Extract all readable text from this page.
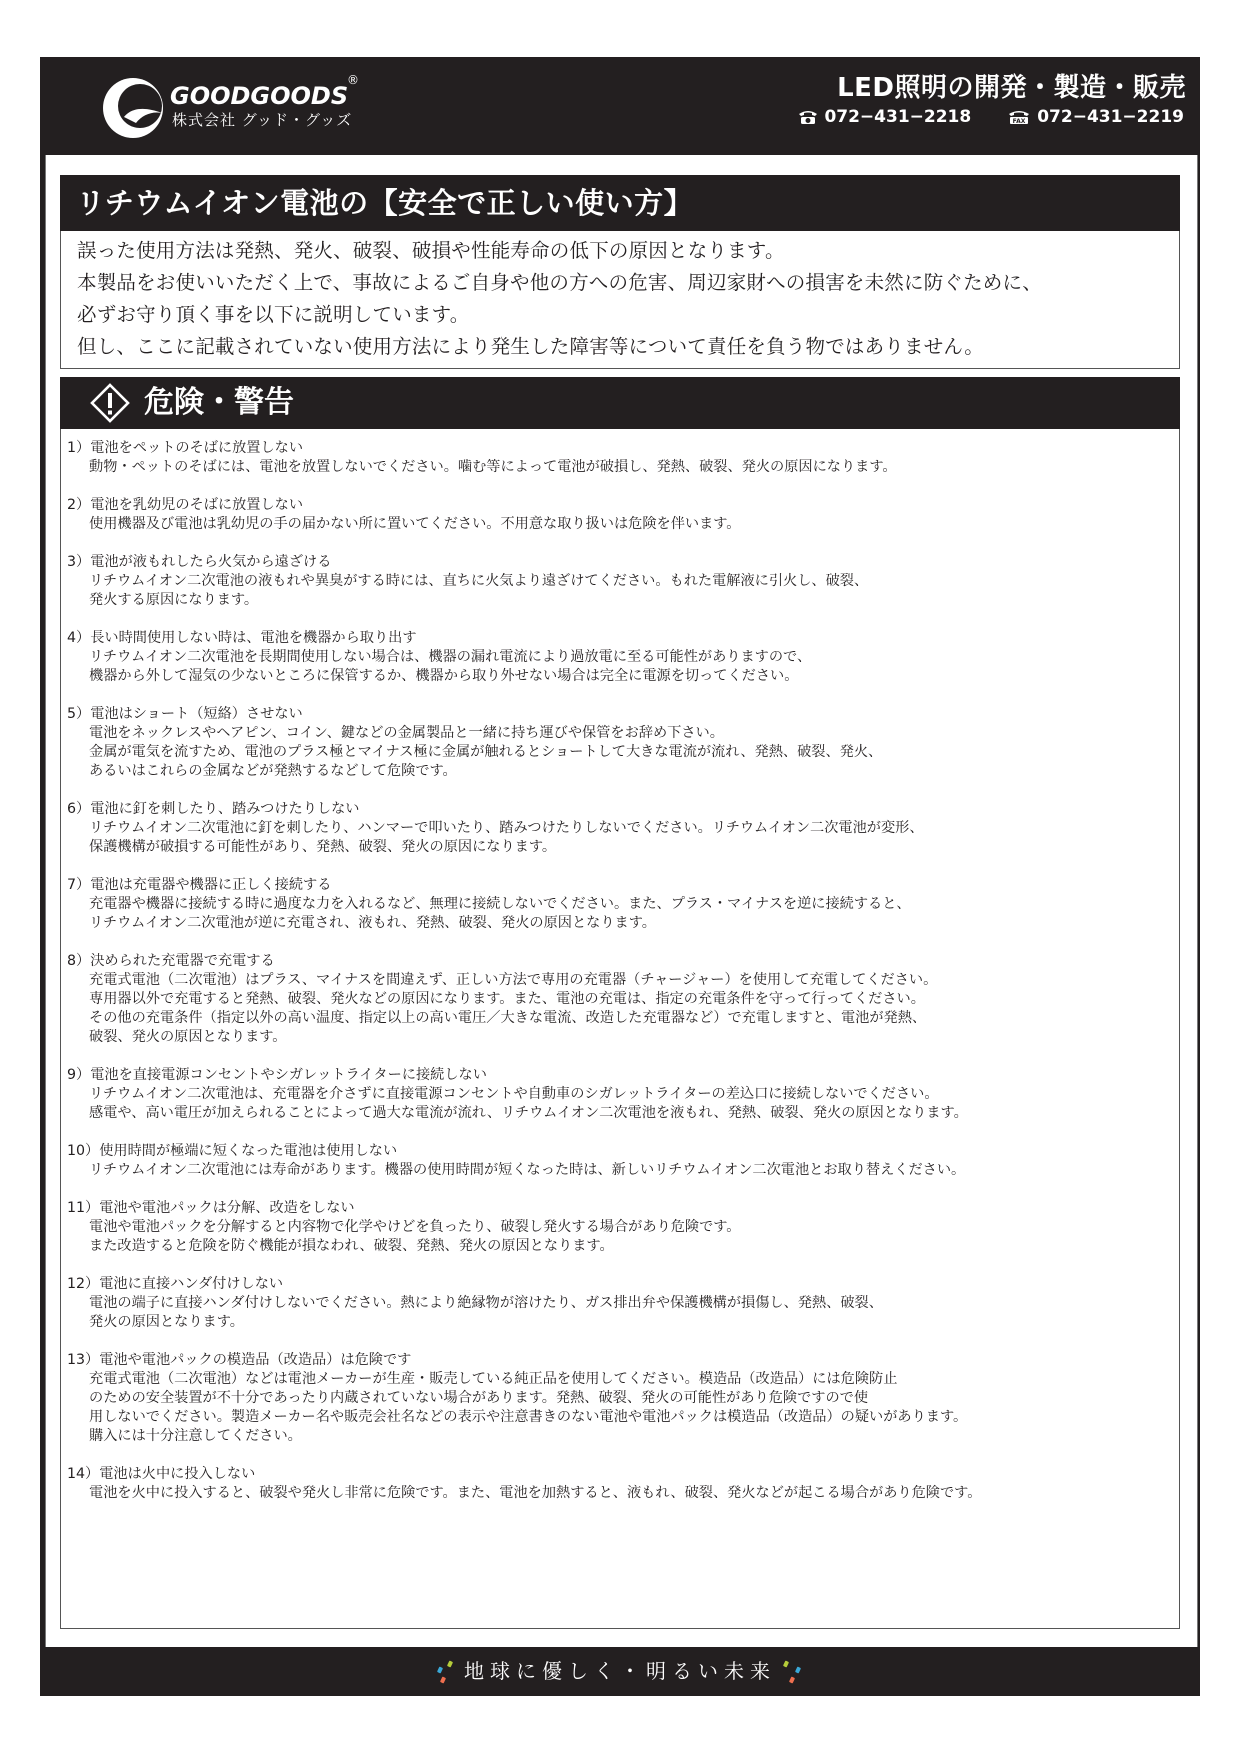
GOODGOODS
®
株式会社 グッド・グッズ
LED照明の開発・製造・販売
072−431−2218	FAX 072−431−2219
リチウムイオン電池の【安全で正しい使い方】

誤った使用方法は発熱、発火、破裂、破損や性能寿命の低下の原因となります。

本製品をお使いいただく上で、事故によるご自身や他の方への危害、周辺家財への損害を未然に防ぐために、

必ずお守り頂く事を以下に説明しています。

但し、ここに記載されていない使用方法により発生した障害等について責任を負う物ではありません。

危険・警告
1）電池をペットのそばに放置しない
動物・ペットのそばには、電池を放置しないでください。噛む等によって電池が破損し、発熱、破裂、発火の原因になります。
2）電池を乳幼児のそばに放置しない
使用機器及び電池は乳幼児の手の届かない所に置いてください。不用意な取り扱いは危険を伴います。
3）電池が液もれしたら火気から遠ざける
リチウムイオン二次電池の液もれや異臭がする時には、直ちに火気より遠ざけてください。もれた電解液に引火し、破裂、
発火する原因になります。
4）長い時間使用しない時は、電池を機器から取り出す
リチウムイオン二次電池を長期間使用しない場合は、機器の漏れ電流により過放電に至る可能性がありますので、
機器から外して湿気の少ないところに保管するか、機器から取り外せない場合は完全に電源を切ってください。
5）電池はショート（短絡）させない
電池をネックレスやヘアピン、コイン、鍵などの金属製品と一緒に持ち運びや保管をお辞め下さい。
金属が電気を流すため、電池のプラス極とマイナス極に金属が触れるとショートして大きな電流が流れ、発熱、破裂、発火、
あるいはこれらの金属などが発熱するなどして危険です。
6）電池に釘を刺したり、踏みつけたりしない
リチウムイオン二次電池に釘を刺したり、ハンマーで叩いたり、踏みつけたりしないでください。リチウムイオン二次電池が変形、
保護機構が破損する可能性があり、発熱、破裂、発火の原因になります。
7）電池は充電器や機器に正しく接続する
充電器や機器に接続する時に過度な力を入れるなど、無理に接続しないでください。また、プラス・マイナスを逆に接続すると、
リチウムイオン二次電池が逆に充電され、液もれ、発熱、破裂、発火の原因となります。
8）決められた充電器で充電する
充電式電池（二次電池）はプラス、マイナスを間違えず、正しい方法で専用の充電器（チャージャー）を使用して充電してください。
専用器以外で充電すると発熱、破裂、発火などの原因になります。また、電池の充電は、指定の充電条件を守って行ってください。
その他の充電条件（指定以外の高い温度、指定以上の高い電圧／大きな電流、改造した充電器など）で充電しますと、電池が発熱、
破裂、発火の原因となります。
9）電池を直接電源コンセントやシガレットライターに接続しない
リチウムイオン二次電池は、充電器を介さずに直接電源コンセントや自動車のシガレットライターの差込口に接続しないでください。
感電や、高い電圧が加えられることによって過大な電流が流れ、リチウムイオン二次電池を液もれ、発熱、破裂、発火の原因となります。
10）使用時間が極端に短くなった電池は使用しない
リチウムイオン二次電池には寿命があります。機器の使用時間が短くなった時は、新しいリチウムイオン二次電池とお取り替えください。
11）電池や電池パックは分解、改造をしない
電池や電池パックを分解すると内容物で化学やけどを負ったり、破裂し発火する場合があり危険です。
また改造すると危険を防ぐ機能が損なわれ、破裂、発熱、発火の原因となります。
12）電池に直接ハンダ付けしない
電池の端子に直接ハンダ付けしないでください。熱により絶縁物が溶けたり、ガス排出弁や保護機構が損傷し、発熱、破裂、
発火の原因となります。
13）電池や電池パックの模造品（改造品）は危険です
充電式電池（二次電池）などは電池メーカーが生産・販売している純正品を使用してください。模造品（改造品）には危険防止
のための安全装置が不十分であったり内蔵されていない場合があります。発熱、破裂、発火の可能性があり危険ですので使
用しないでください。製造メーカー名や販売会社名などの表示や注意書きのない電池や電池パックは模造品（改造品）の疑いがあります。
購入には十分注意してください。
14）電池は火中に投入しない
電池を火中に投入すると、破裂や発火し非常に危険です。また、電池を加熱すると、液もれ、破裂、発火などが起こる場合があり危険です。
地球に優しく・明るい未来
